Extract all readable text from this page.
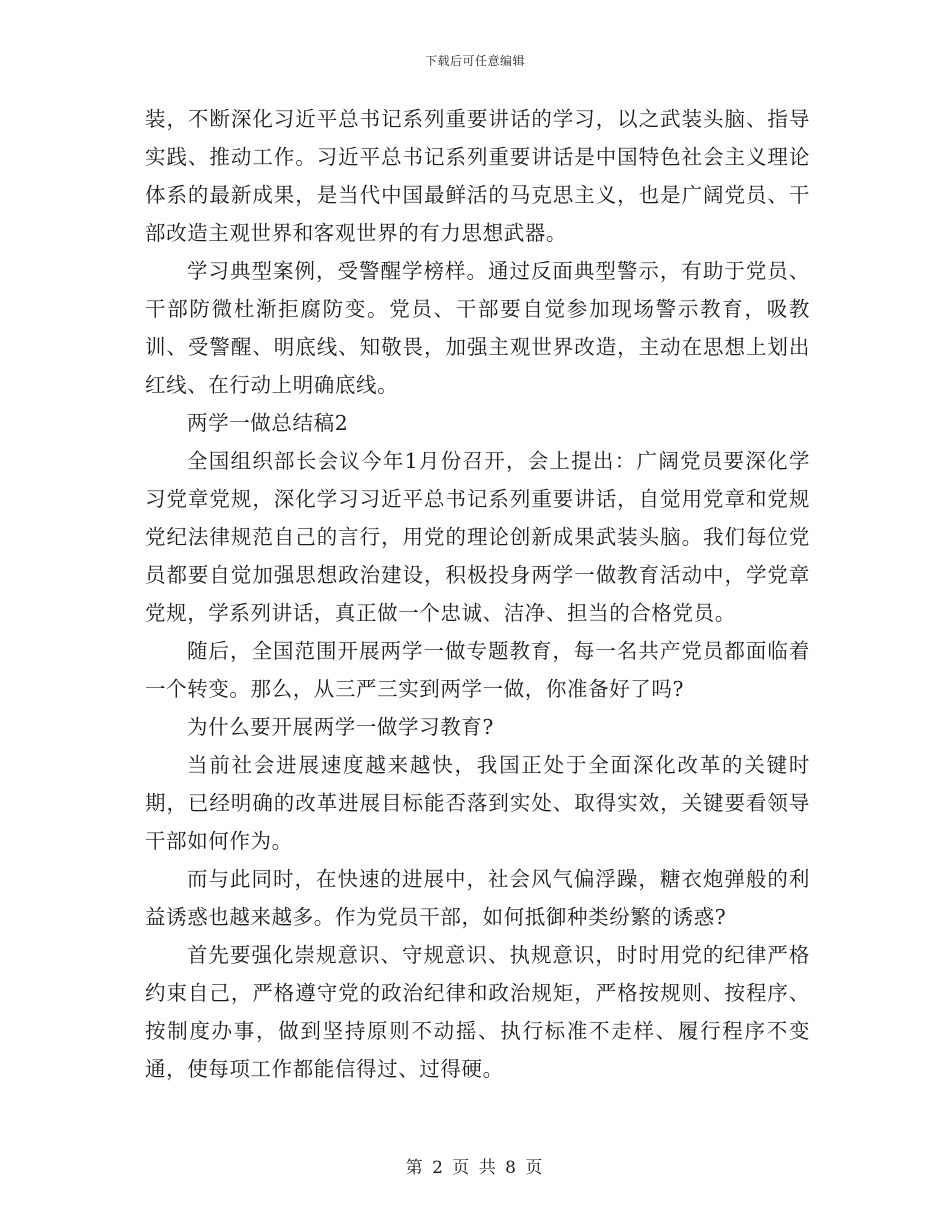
下载后可任意编辑

装，不断深化习近平总书记系列重要讲话的学习，以之武装头脑、指导实践、推动工作。习近平总书记系列重要讲话是中国特色社会主义理论体系的最新成果，是当代中国最鲜活的马克思主义，也是广阔党员、干部改造主观世界和客观世界的有力思想武器。

学习典型案例，受警醒学榜样。通过反面典型警示，有助于党员、干部防微杜渐拒腐防变。党员、干部要自觉参加现场警示教育，吸教训、受警醒、明底线、知敬畏，加强主观世界改造，主动在思想上划出红线、在行动上明确底线。

两学一做总结稿2

全国组织部长会议今年1月份召开，会上提出：广阔党员要深化学习党章党规，深化学习习近平总书记系列重要讲话，自觉用党章和党规党纪法律规范自己的言行，用党的理论创新成果武装头脑。我们每位党员都要自觉加强思想政治建设，积极投身两学一做教育活动中，学党章党规，学系列讲话，真正做一个忠诚、洁净、担当的合格党员。

随后，全国范围开展两学一做专题教育，每一名共产党员都面临着一个转变。那么，从三严三实到两学一做，你准备好了吗?

为什么要开展两学一做学习教育?

当前社会进展速度越来越快，我国正处于全面深化改革的关键时期，已经明确的改革进展目标能否落到实处、取得实效，关键要看领导干部如何作为。

而与此同时，在快速的进展中，社会风气偏浮躁，糖衣炮弹般的利益诱惑也越来越多。作为党员干部，如何抵御种类纷繁的诱惑?

首先要强化崇规意识、守规意识、执规意识，时时用党的纪律严格约束自己，严格遵守党的政治纪律和政治规矩，严格按规则、按程序、按制度办事，做到坚持原则不动摇、执行标准不走样、履行程序不变通，使每项工作都能信得过、过得硬。

第 2 页 共 8 页
